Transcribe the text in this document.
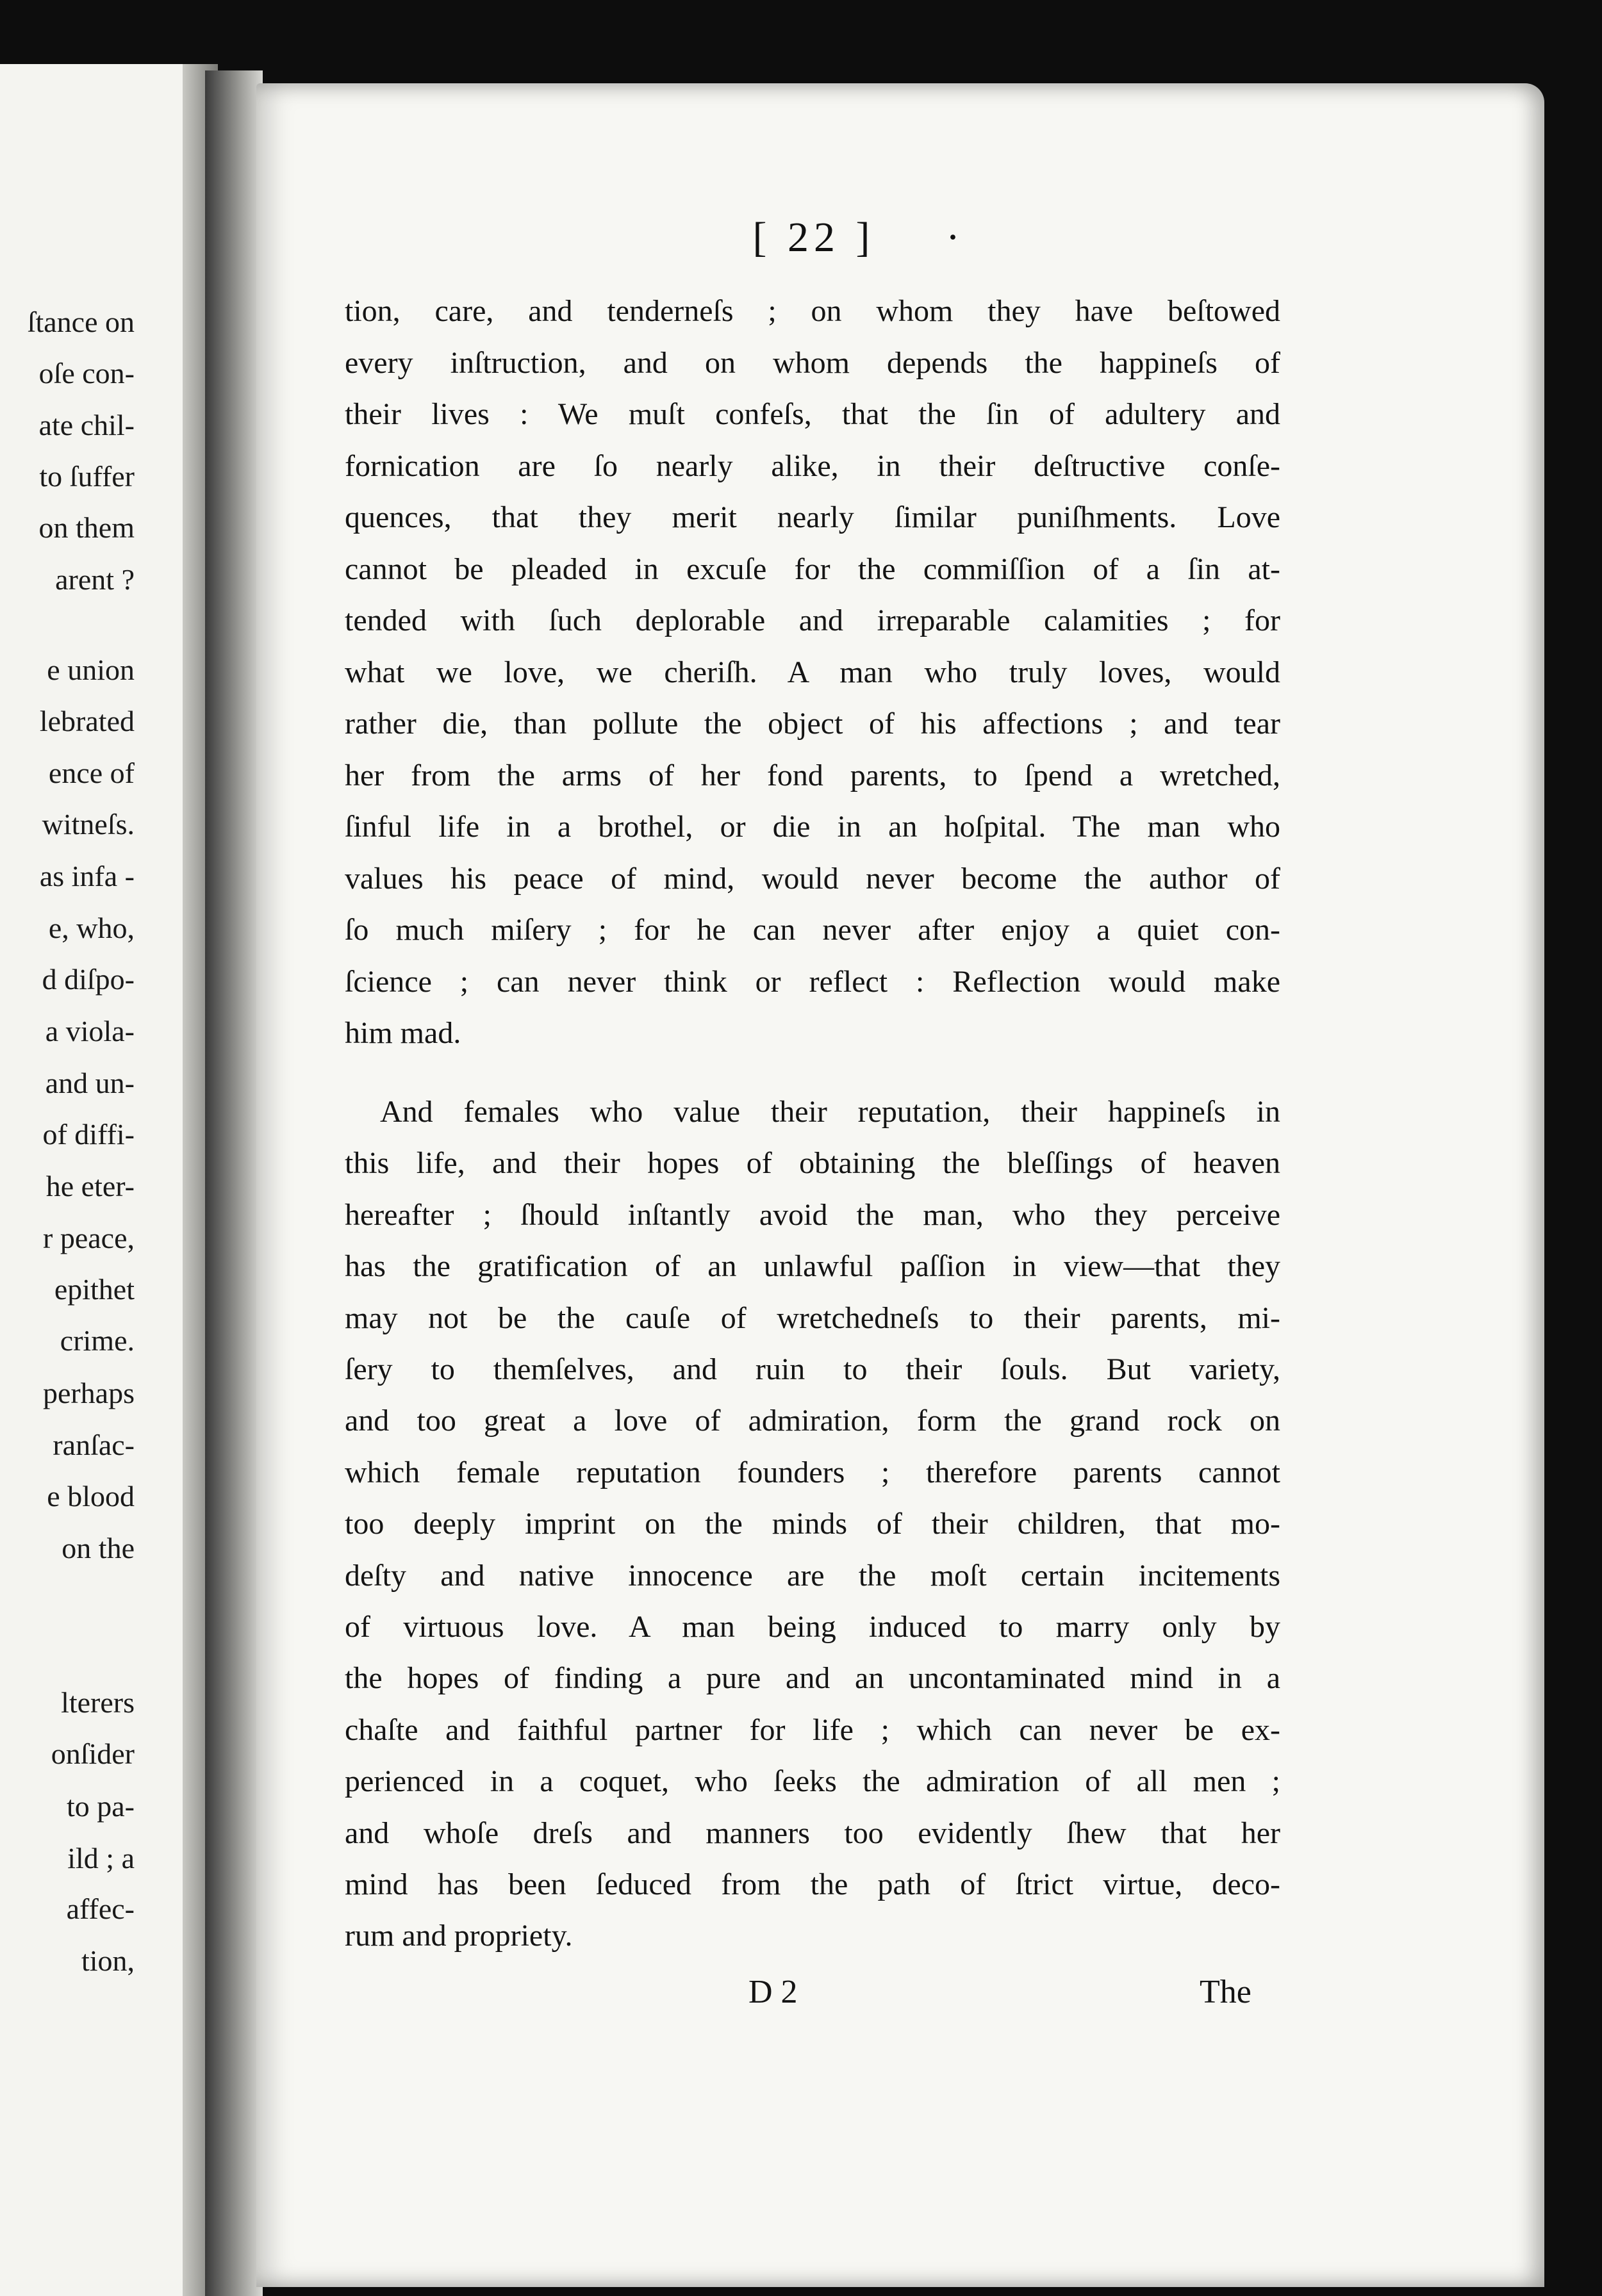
ſtance on
oſe con-
ate chil-
to ſuffer
on them
arent ?
e union
lebrated
ence of
witneſs.
as infa -
e, who,
d diſpo-
a viola-
and un-
of diffi-
he eter-
r peace,
epithet
crime.
perhaps
ranſac-
e blood
on the
lterers
onſider
to pa-
ild ; a
affec-
tion,
[ 22 ]	·
tion, care, and tenderneſs ; on whom they have beſtowed
every inſtruction, and on whom depends the happineſs of
their lives : We muſt confeſs, that the ſin of adultery and
fornication are ſo nearly alike, in their deſtructive conſe-
quences, that they merit nearly ſimilar puniſhments. Love
cannot be pleaded in excuſe for the commiſſion of a ſin at-
tended with ſuch deplorable and irreparable calamities ; for
what we love, we cheriſh. A man who truly loves, would
rather die, than pollute the object of his affections ; and tear
her from the arms of her fond parents, to ſpend a wretched,
ſinful life in a brothel, or die in an hoſpital. The man who
values his peace of mind, would never become the author of
ſo much miſery ; for he can never after enjoy a quiet con-
ſcience ; can never think or reflect : Reflection would make
him mad.
And females who value their reputation, their happineſs in
this life, and their hopes of obtaining the bleſſings of heaven
hereafter ; ſhould inſtantly avoid the man, who they perceive
has the gratification of an unlawful paſſion in view—that they
may not be the cauſe of wretchedneſs to their parents, mi-
ſery to themſelves, and ruin to their ſouls. But variety,
and too great a love of admiration, form the grand rock on
which female reputation founders ; therefore parents cannot
too deeply imprint on the minds of their children, that mo-
deſty and native innocence are the moſt certain incitements
of virtuous love. A man being induced to marry only by
the hopes of finding a pure and an uncontaminated mind in a
chaſte and faithful partner for life ; which can never be ex-
perienced in a coquet, who ſeeks the admiration of all men ;
and whoſe dreſs and manners too evidently ſhew that her
mind has been ſeduced from the path of ſtrict virtue, deco-
rum and propriety.
D 2	The
